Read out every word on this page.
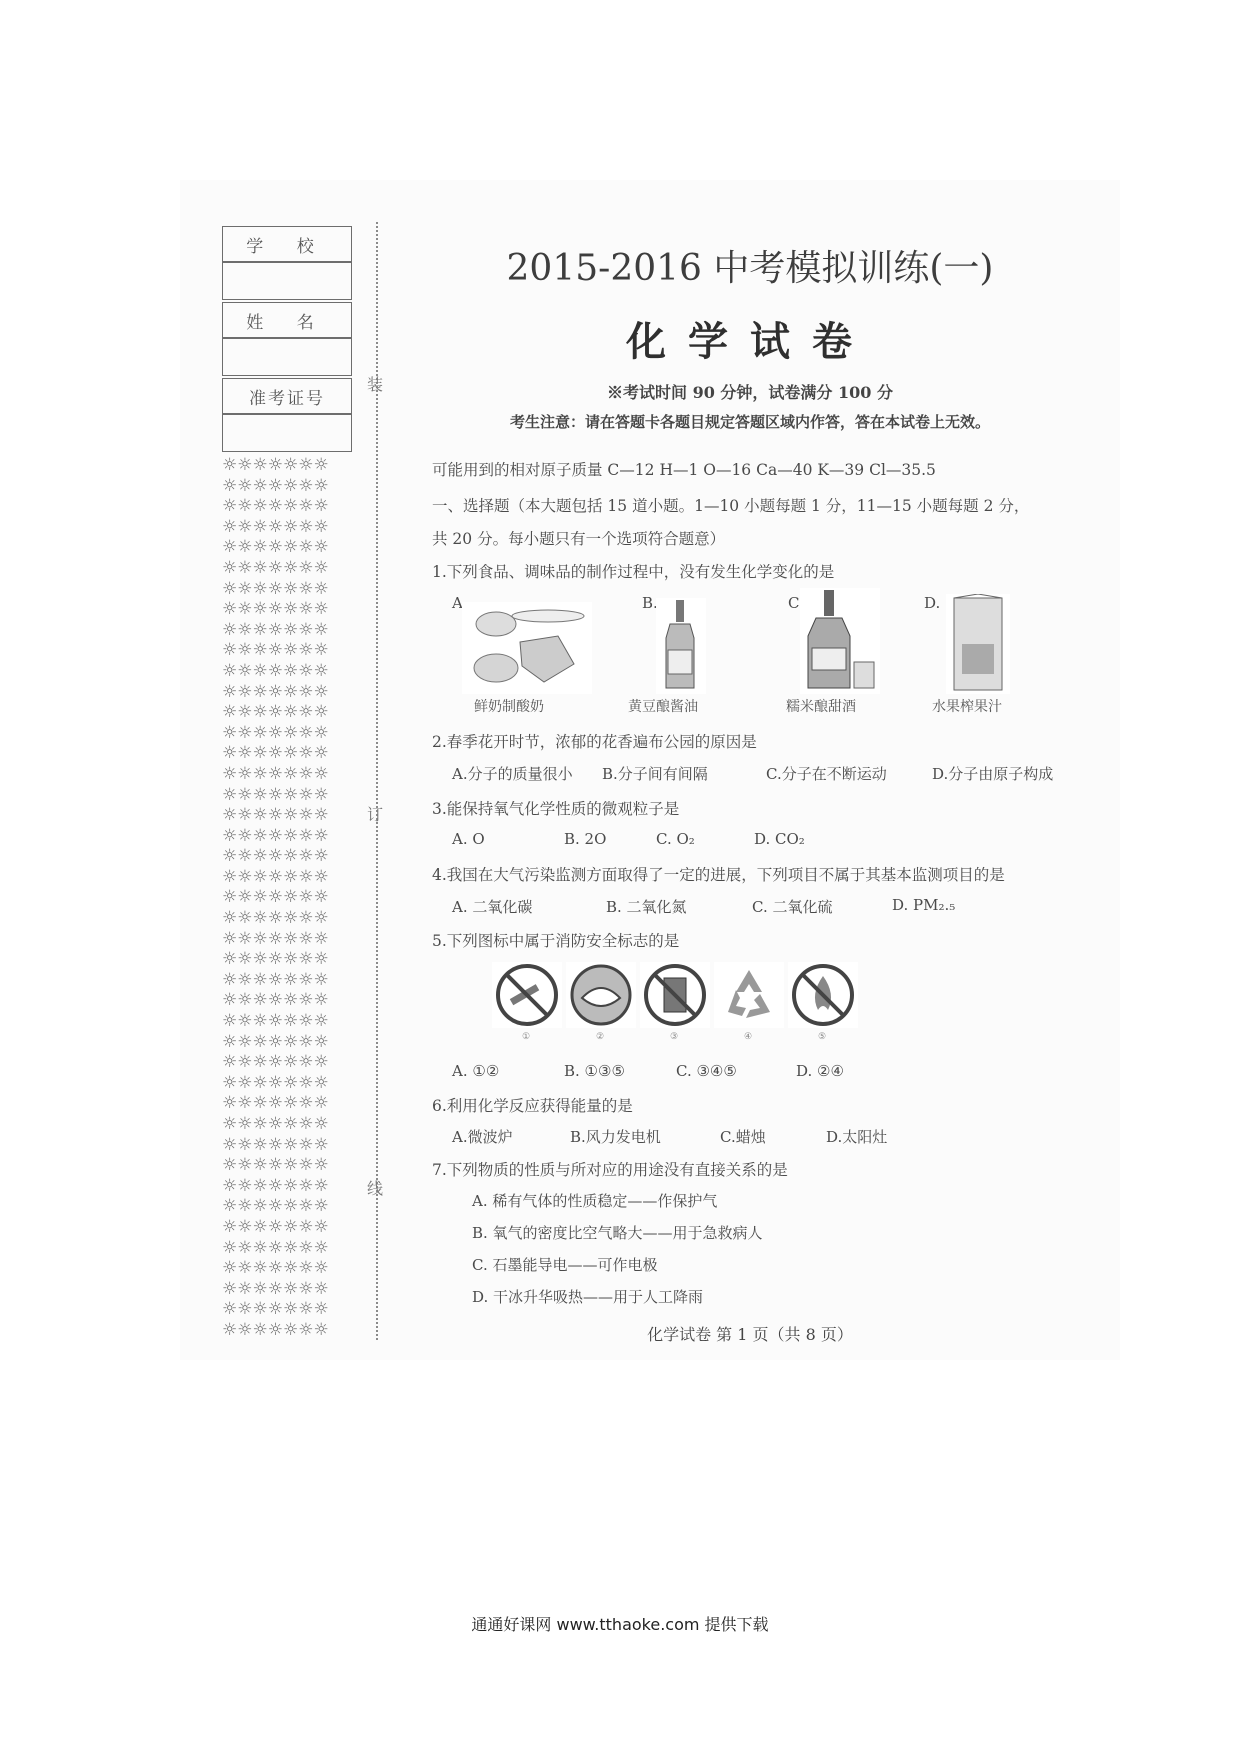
学 校
姓 名
准考证号
☼☼☼☼☼☼☼
☼☼☼☼☼☼☼
☼☼☼☼☼☼☼
☼☼☼☼☼☼☼
☼☼☼☼☼☼☼
☼☼☼☼☼☼☼
☼☼☼☼☼☼☼
☼☼☼☼☼☼☼
☼☼☼☼☼☼☼
☼☼☼☼☼☼☼
☼☼☼☼☼☼☼
☼☼☼☼☼☼☼
☼☼☼☼☼☼☼
☼☼☼☼☼☼☼
☼☼☼☼☼☼☼
☼☼☼☼☼☼☼
☼☼☼☼☼☼☼
☼☼☼☼☼☼☼
☼☼☼☼☼☼☼
☼☼☼☼☼☼☼
☼☼☼☼☼☼☼
☼☼☼☼☼☼☼
☼☼☼☼☼☼☼
☼☼☼☼☼☼☼
☼☼☼☼☼☼☼
☼☼☼☼☼☼☼
☼☼☼☼☼☼☼
☼☼☼☼☼☼☼
☼☼☼☼☼☼☼
☼☼☼☼☼☼☼
☼☼☼☼☼☼☼
☼☼☼☼☼☼☼
☼☼☼☼☼☼☼
☼☼☼☼☼☼☼
☼☼☼☼☼☼☼
☼☼☼☼☼☼☼
☼☼☼☼☼☼☼
☼☼☼☼☼☼☼
☼☼☼☼☼☼☼
☼☼☼☼☼☼☼
☼☼☼☼☼☼☼
☼☼☼☼☼☼☼
☼☼☼☼☼☼☼
装
订
线
2015-2016 中考模拟训练(一)
化学试卷
※考试时间 90 分钟，试卷满分 100 分
考生注意：请在答题卡各题目规定答题区域内作答，答在本试卷上无效。
可能用到的相对原子质量 C—12 H—1 O—16 Ca—40 K—39 Cl—35.5
一、选择题（本大题包括 15 道小题。1—10 小题每题 1 分，11—15 小题每题 2 分，
共 20 分。每小题只有一个选项符合题意）
1.下列食品、调味品的制作过程中，没有发生化学变化的是
A.	B.	C.	D.
鲜奶制酸奶	黄豆酿酱油	糯米酿甜酒	水果榨果汁
2.春季花开时节，浓郁的花香遍布公园的原因是
A.分子的质量很小 B.分子间有间隔	C.分子在不断运动	D.分子由原子构成
3.能保持氧气化学性质的微观粒子是
A. O	B. 2O	C. O₂	D. CO₂
4.我国在大气污染监测方面取得了一定的进展，下列项目不属于其基本监测项目的是
A. 二氧化碳	B. 二氧化氮	C. 二氧化硫	D. PM₂.₅
5.下列图标中属于消防安全标志的是
①	②	③	④	⑤
A. ①②	B. ①③⑤	C. ③④⑤	D. ②④
6.利用化学反应获得能量的是
A.微波炉	B.风力发电机	C.蜡烛	D.太阳灶
7.下列物质的性质与所对应的用途没有直接关系的是
A. 稀有气体的性质稳定——作保护气
B. 氧气的密度比空气略大——用于急救病人
C. 石墨能导电——可作电极
D. 干冰升华吸热——用于人工降雨
化学试卷 第 1 页（共 8 页）
通通好课网 www.tthaoke.com 提供下载
